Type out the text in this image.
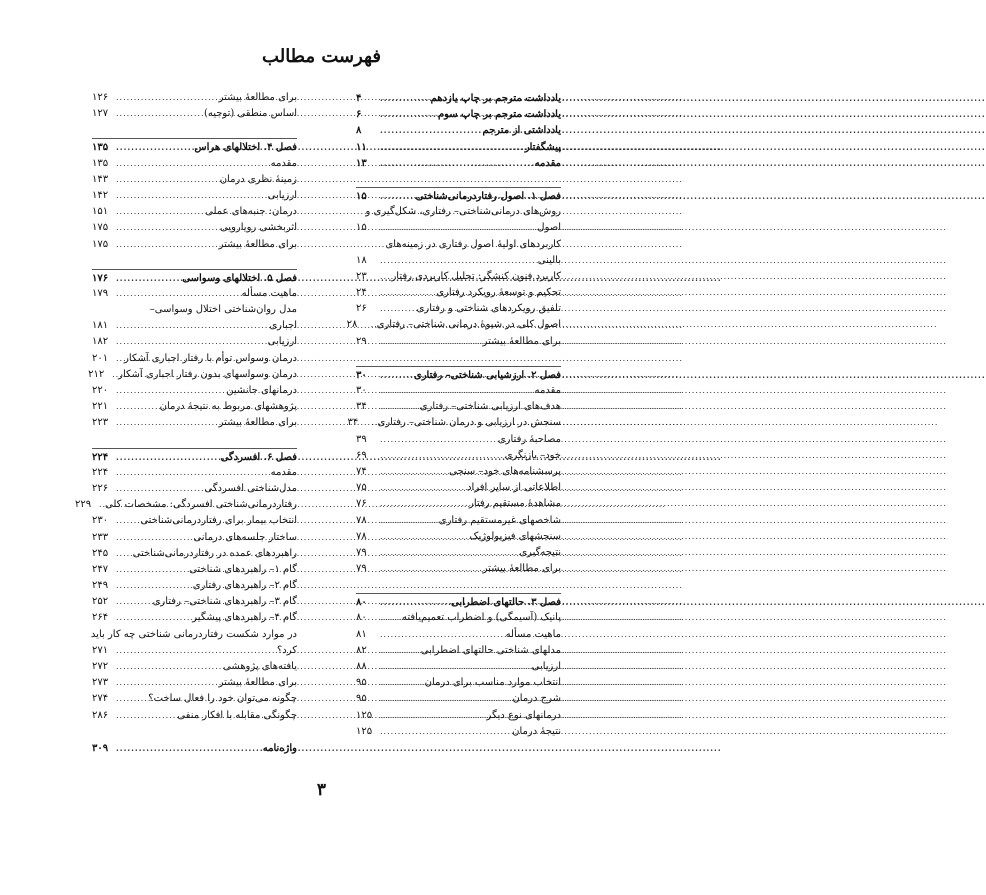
فهرست مطالب
یادداشت مترجم بر چاپ یازدهم
.....
۴
یادداشت مترجم بر چاپ سوم
.....
۶
یادداشتی از مترجم
.....
۸
پیشگفتار
.....
۱۱
مقدمه
.....
۱۳
فصل ۱. اصول رفتاردرمانی‌شناختی
.....
۱۵
روش‌های درمانی‌شناختی– رفتاری، شکل‌گیری و
اصول
.....
۱۵
کاربردهای اولیهٔ اصول رفتاری در زمینه‌های
بالینی
.....
۱۸
کاربرد فنون کنشگر: تحلیل کاربردی رفتار
.....
۲۳
تحکیم و توسعهٔ رویکرد رفتاری
.....
۲۴
تلفیق رویکردهای شناختی و رفتاری
.....
۲۶
اصول کلی در شیوهٔ درمانی شناختی– رفتاری
.....
۲۸
برای مطالعهٔ بیشتر
.....
۲۹
فصل ۲. ارزشیابی شناختی– رفتاری
.....
۳۰
مقدمه
.....
۳۰
هدف‌های ارزیابی شناختی– رفتاری
.....
۳۴
سنجش در ارزیابی و درمان شناختی– رفتاری
.....
۳۴
مصاحبهٔ رفتاری
.....
۳۹
خود– بازنگری
.....
۶۹
پرسشنامه‌های خود– سنجی
.....
۷۴
اطلاعاتی از سایر افراد
.....
۷۵
مشاهدهٔ مستقیم رفتار
.....
۷۶
شاخصهای غیرمستقیم رفتاری
.....
۷۸
سنجشهای فیزیولوژیک
.....
۷۸
نتیجه‌گیری
.....
۷۹
برای مطالعهٔ بیشتر
.....
۷۹
فصل ۳. حالتهای اضطرابی
.....
۸۰
پانیک (آسیمگی) و اضطراب تعمیم‌یافته
.....
۸۰
ماهیت مسأله
.....
۸۱
مدلهای شناختی حالتهای اضطرابی
.....
۸۲
ارزیابی
.....
۸۸
انتخاب موارد مناسب برای درمان
.....
۹۵
شرح درمان
.....
۹۵
درمانهای نوع دیگر
.....
۱۲۵
نتیجهٔ درمان
.....
۱۲۵
برای مطالعهٔ بیشتر
.....
۱۲۶
اساس منطقی (توجیه)
.....
۱۲۷
فصل ۴. اختلالهای هراس
.....
۱۳۵
مقدمه
.....
۱۳۵
زمینهٔ نظری درمان
.....
۱۴۳
ارزیابی
.....
۱۴۲
درمان: جنبه‌های عملی
.....
۱۵۱
اثربخشی رویارویی
.....
۱۷۵
برای مطالعهٔ بیشتر
.....
۱۷۵
فصل ۵. اختلالهای وسواسی
.....
۱۷۶
ماهیت مسأله
.....
۱۷۹
مدل روان‌شناختی اختلال وسواسی–
اجباری
.....
۱۸۱
ارزیابی
.....
۱۸۲
درمان وسواس توأم با رفتار اجباری آشکار
.....
۲۰۱
درمان وسواسهای بدون رفتار اجباری آشکار
.....
۲۱۲
درمانهای جانشین
.....
۲۲۰
پژوهشهای مربوط به نتیجهٔ درمان
.....
۲۲۱
برای مطالعهٔ بیشتر
.....
۲۲۳
فصل ۶. افسردگی
.....
۲۲۴
مقدمه
.....
۲۲۴
مدل‌شناختی افسردگی
.....
۲۲۶
رفتاردرمانی‌شناختی افسردگی: مشخصات کلی
.....
۲۲۹
انتخاب بیمار برای رفتاردرمانی‌شناختی
.....
۲۳۰
ساختار جلسه‌های درمانی
.....
۲۳۳
راهبردهای عمده در رفتاردرمانی‌شناختی
.....
۲۴۵
گام ۱– راهبردهای شناختی
.....
۲۴۷
گام ۲– راهبردهای رفتاری
.....
۲۴۹
گام ۳– راهبردهای شناختی– رفتاری
.....
۲۵۲
گام ۴– راهبردهای پیشگیر
.....
۲۶۴
در موارد شکست رفتاردرمانی شناختی چه کار باید
کرد؟
.....
۲۷۱
یافته‌های پژوهشی
.....
۲۷۲
برای مطالعهٔ بیشتر
.....
۲۷۳
چگونه می‌توان خود را فعال ساخت؟
.....
۲۷۴
چگونگی مقابله با افکار منفی
.....
۲۸۶
واژه‌نامه
.....
۳۰۹
۳
